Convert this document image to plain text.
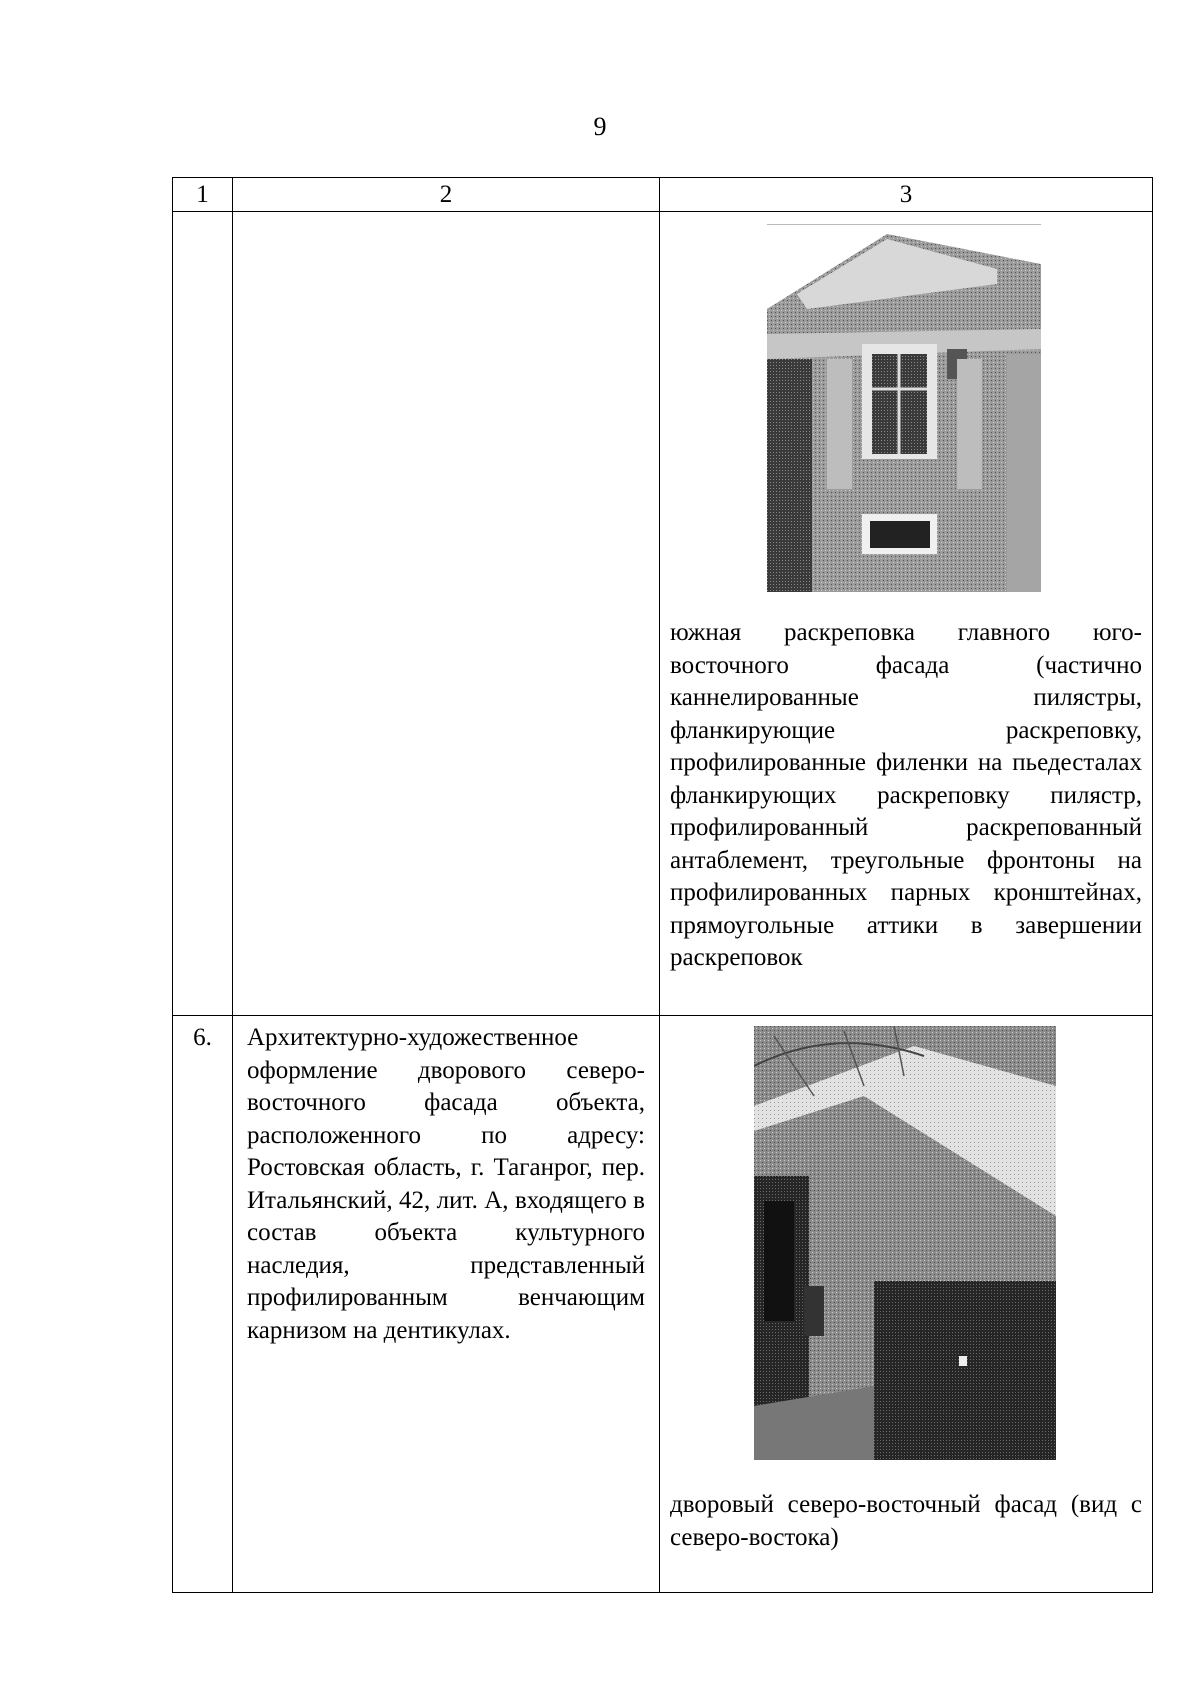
9
1	2	3

		южная раскреповка главного юго-восточного фасада (частично каннелированные пилястры, фланкирующие раскреповку, профилированные филенки на пьедесталах фланкирующих раскреповку пилястр, профилированный раскрепованный антаблемент, треугольные фронтоны на профилированных парных кронштейнах, прямоугольные аттики в завершении раскреповок

6.	Архитектурно-художественное оформление дворового северо-восточного фасада объекта, расположенного по адресу: Ростовская область, г. Таганрог, пер. Итальянский, 42, лит. А, входящего в состав объекта культурного наследия, представленный профилированным венчающим карнизом на дентикулах.	дворовый северо-восточный фасад (вид с северо-востока)
